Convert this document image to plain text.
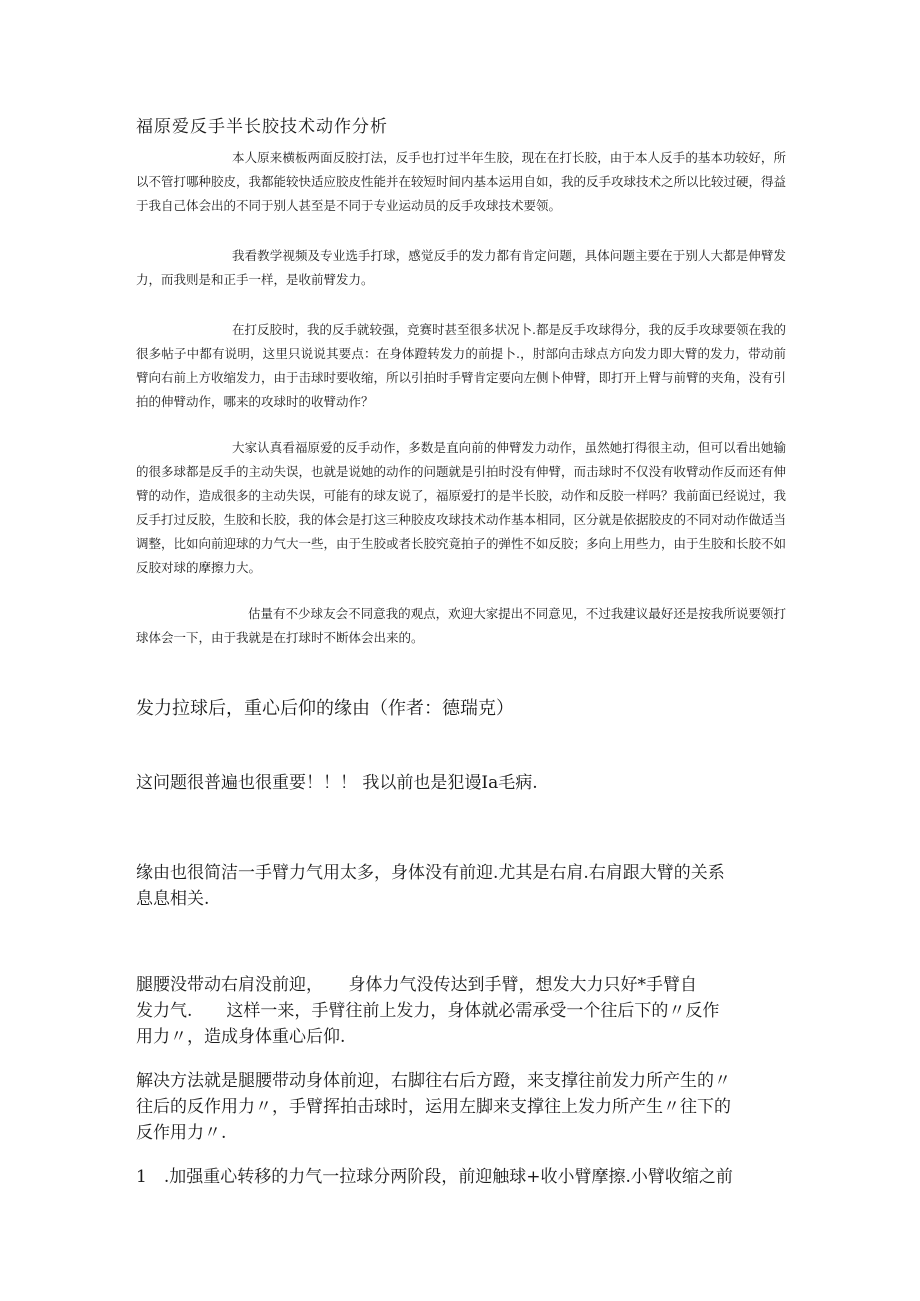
福原爱反手半长胶技术动作分析

本人原来横板两面反胶打法，反手也打过半年生胶，现在在打长胶，由于本人反手的基本功较好，所以不管打哪种胶皮，我都能较快适应胶皮性能并在较短时间内基本运用自如，我的反手攻球技术之所以比较过硬，得益于我自己体会出的不同于别人甚至是不同于专业运动员的反手攻球技术要领。

我看教学视频及专业选手打球，感觉反手的发力都有肯定问题，具体问题主要在于别人大都是伸臂发力，而我则是和正手一样，是收前臂发力。

在打反胶时，我的反手就较强，竞赛时甚至很多状况卜.都是反手攻球得分，我的反手攻球要领在我的很多帖子中都有说明，这里只说说其要点：在身体蹬转发力的前提卜.，肘部向击球点方向发力即大臂的发力，带动前臂向右前上方收缩发力，由于击球时要收缩，所以引拍时手臂肯定要向左侧卜伸臂，即打开上臂与前臂的夹角，没有引拍的伸臂动作，哪来的攻球时的收臂动作？

大家认真看福原爱的反手动作，多数是直向前的伸臂发力动作，虽然她打得很主动，但可以看出她输的很多球都是反手的主动失误，也就是说她的动作的问题就是引拍时没有伸臂，而击球时不仅没有收臂动作反而还有伸臂的动作，造成很多的主动失误，可能有的球友说了，福原爱打的是半长胶，动作和反胶一样吗？我前面已经说过，我反手打过反胶，生胶和长胶，我的体会是打这三种胶皮攻球技术动作基本相同，区分就是依据胶皮的不同对动作做适当调整，比如向前迎球的力气大一些，由于生胶或者长胶究竟拍子的弹性不如反胶；多向上用些力，由于生胶和长胶不如反胶对球的摩擦力大。

估量有不少球友会不同意我的观点，欢迎大家提出不同意见，不过我建议最好还是按我所说要领打球体会一下，由于我就是在打球时不断体会出来的。

发力拉球后，重心后仰的缘由（作者：德瑞克）
这问题很普遍也很重要！！！ 我以前也是犯谩Ia毛病.
缘由也很简洁一手臂力气用太多，身体没有前迎.尤其是右肩.右肩跟大臂的关系
息息相关.
腿腰没带动右肩没前迎，　　身体力气没传达到手臂，想发大力只好*手臂自
发力气.　　这样一来，手臂往前上发力，身体就必需承受一个往后下的〃反作
用力〃，造成身体重心后仰.
解决方法就是腿腰带动身体前迎，右脚往右后方蹬，来支撑往前发力所产生的〃
往后的反作用力〃，手臂挥拍击球时，运用左脚来支撑往上发力所产生〃往下的
反作用力〃.
1　.加强重心转移的力气一拉球分两阶段，前迎触球+收小臂摩擦.小臂收缩之前
